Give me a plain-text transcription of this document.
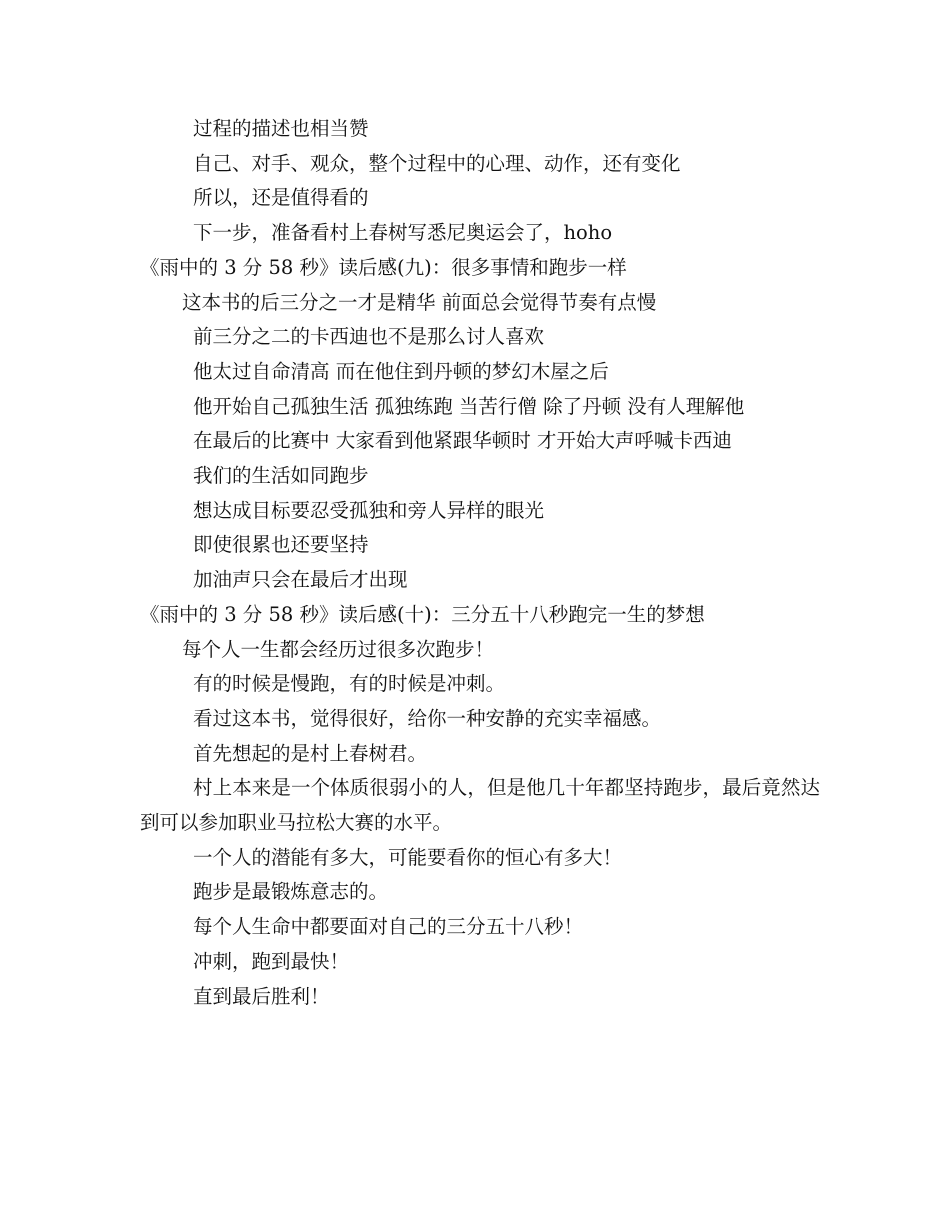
过程的描述也相当赞
自己、对手、观众，整个过程中的心理、动作，还有变化
所以，还是值得看的
下一步，准备看村上春树写悉尼奥运会了，hoho
《雨中的 3 分 58 秒》读后感(九)：很多事情和跑步一样
这本书的后三分之一才是精华 前面总会觉得节奏有点慢
前三分之二的卡西迪也不是那么讨人喜欢
他太过自命清高 而在他住到丹顿的梦幻木屋之后
他开始自己孤独生活 孤独练跑 当苦行僧 除了丹顿 没有人理解他
在最后的比赛中 大家看到他紧跟华顿时 才开始大声呼喊卡西迪
我们的生活如同跑步
想达成目标要忍受孤独和旁人异样的眼光
即使很累也还要坚持
加油声只会在最后才出现
《雨中的 3 分 58 秒》读后感(十)：三分五十八秒跑完一生的梦想
每个人一生都会经历过很多次跑步！
有的时候是慢跑，有的时候是冲刺。
看过这本书，觉得很好，给你一种安静的充实幸福感。
首先想起的是村上春树君。
村上本来是一个体质很弱小的人，但是他几十年都坚持跑步，最后竟然达到可以参加职业马拉松大赛的水平。
一个人的潜能有多大，可能要看你的恒心有多大！
跑步是最锻炼意志的。
每个人生命中都要面对自己的三分五十八秒！
冲刺，跑到最快！
直到最后胜利！
